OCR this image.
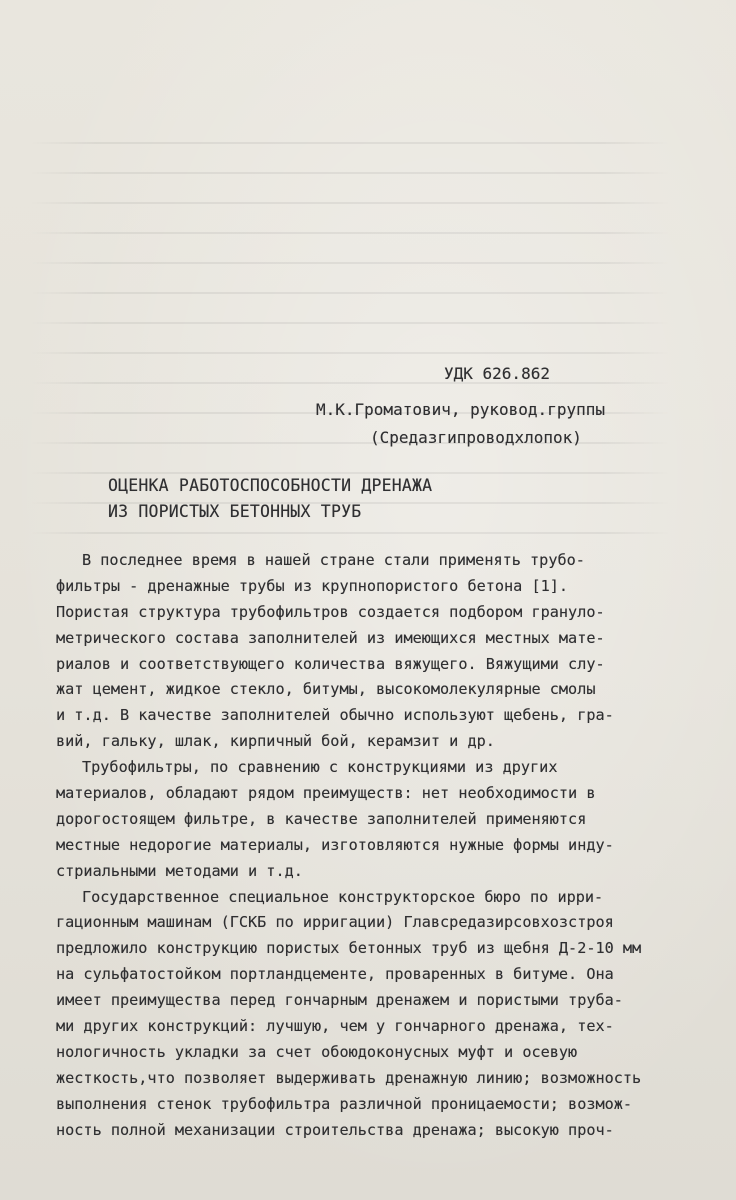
УДК 626.862
М.К.Громатович, руковод.группы
(Средазгипроводхлопок)
ОЦЕНКА РАБОТОСПОСОБНОСТИ ДРЕНАЖА
ИЗ ПОРИСТЫХ БЕТОННЫХ ТРУБ
В последнее время в нашей стране стали применять трубо-
фильтры - дренажные трубы из крупнопористого бетона [1].
Пористая структура трубофильтров создается подбором грануло-
метрического состава заполнителей из имеющихся местных мате-
риалов и соответствующего количества вяжущего. Вяжущими слу-
жат цемент, жидкое стекло, битумы, высокомолекулярные смолы
и т.д. В качестве заполнителей обычно используют щебень, гра-
вий, гальку, шлак, кирпичный бой, керамзит и др.
Трубофильтры, по сравнению с конструкциями из других
материалов, обладают рядом преимуществ: нет необходимости в
дорогостоящем фильтре, в качестве заполнителей применяются
местные недорогие материалы, изготовляются нужные формы инду-
стриальными методами и т.д.
Государственное специальное конструкторское бюро по ирри-
гационным машинам (ГСКБ по ирригации) Главсредазирсовхозстроя
предложило конструкцию пористых бетонных труб из щебня Д-2-10 мм
на сульфатостойком портландцементе, проваренных в битуме. Она
имеет преимущества перед гончарным дренажем и пористыми труба-
ми других конструкций: лучшую, чем у гончарного дренажа, тех-
нологичность укладки за счет обоюдоконусных муфт и осевую
жесткость,что позволяет выдерживать дренажную линию; возможность
выполнения стенок трубофильтра различной проницаемости; возмож-
ность полной механизации строительства дренажа; высокую проч-
